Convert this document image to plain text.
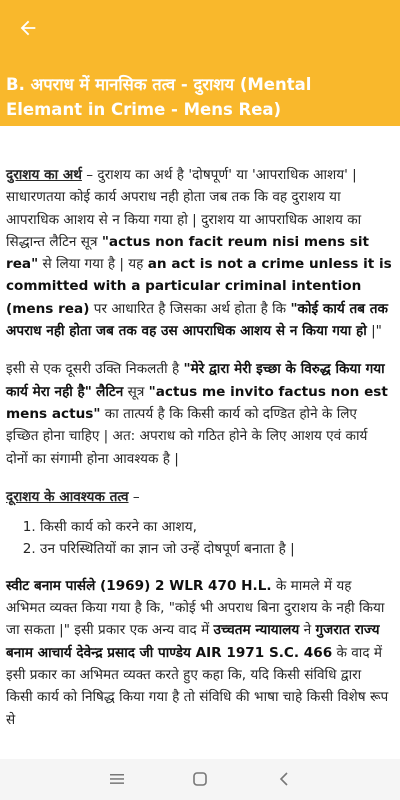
B. अपराध में मानसिक तत्व - दुराशय (Mental Elemant in Crime - Mens Rea)

दुराशय का अर्थ – दुराशय का अर्थ है 'दोषपूर्ण' या 'आपराधिक आशय' | साधारणतया कोई कार्य अपराध नही होता जब तक कि वह दुराशय या आपराधिक आशय से न किया गया हो | दुराशय या आपराधिक आशय का सिद्धान्त लैटिन सूत्र "actus non facit reum nisi mens sit rea" से लिया गया है | यह an act is not a crime unless it is committed with a particular criminal intention (mens rea) पर आधारित है जिसका अर्थ होता है कि "कोई कार्य तब तक अपराध नही होता जब तक वह उस आपराधिक आशय से न किया गया हो |"

इसी से एक दूसरी उक्ति निकलती है "मेरे द्वारा मेरी इच्छा के विरुद्ध किया गया कार्य मेरा नही है" लैटिन सूत्र "actus me invito factus non est mens actus" का तात्पर्य है कि किसी कार्य को दण्डित होने के लिए इच्छित होना चाहिए | अत: अपराध को गठित होने के लिए आशय एवं कार्य दोनों का संगामी होना आवश्यक है |

दूराशय के आवश्यक तत्व –

1. किसी कार्य को करने का आशय,
2. उन परिस्थितियों का ज्ञान जो उन्हें दोषपूर्ण बनाता है |

स्वीट बनाम पार्सले (1969) 2 WLR 470 H.L. के मामले में यह अभिमत व्यक्त किया गया है कि, "कोई भी अपराध बिना दुराशय के नही किया जा सकता |" इसी प्रकार एक अन्य वाद में उच्चतम न्यायालय ने गुजरात राज्य बनाम आचार्य देवेन्द्र प्रसाद जी पाण्डेय AIR 1971 S.C. 466 के वाद में इसी प्रकार का अभिमत व्यक्त करते हुए कहा कि, यदि किसी संविधि द्वारा किसी कार्य को निषिद्ध किया गया है तो संविधि की भाषा चाहे किसी विशेष रूप से
